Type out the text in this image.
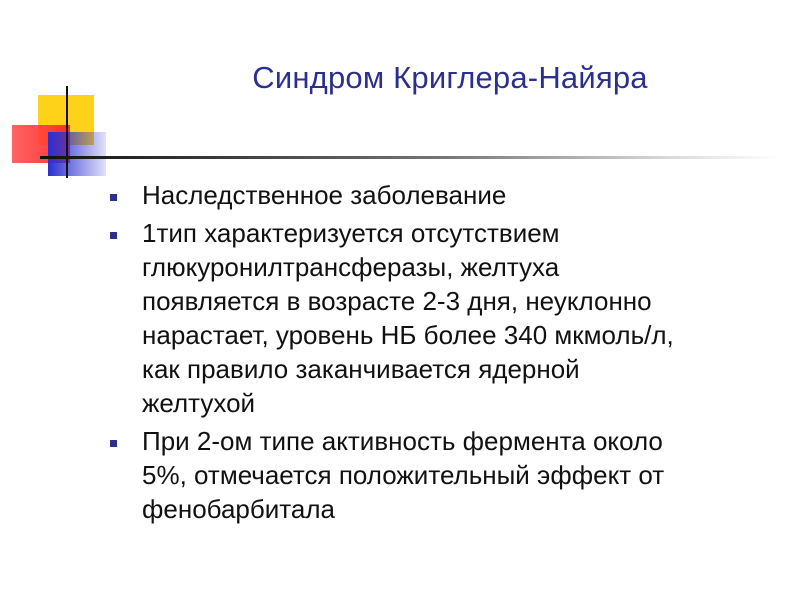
Синдром Криглера-Найяра
Наследственное заболевание
1тип характеризуется отсутствием
глюкуронилтрансферазы, желтуха
появляется в возрасте 2-3 дня, неуклонно
нарастает, уровень НБ более 340 мкмоль/л,
как правило заканчивается ядерной
желтухой
При 2-ом типе активность фермента около
5%, отмечается положительный эффект от
фенобарбитала
